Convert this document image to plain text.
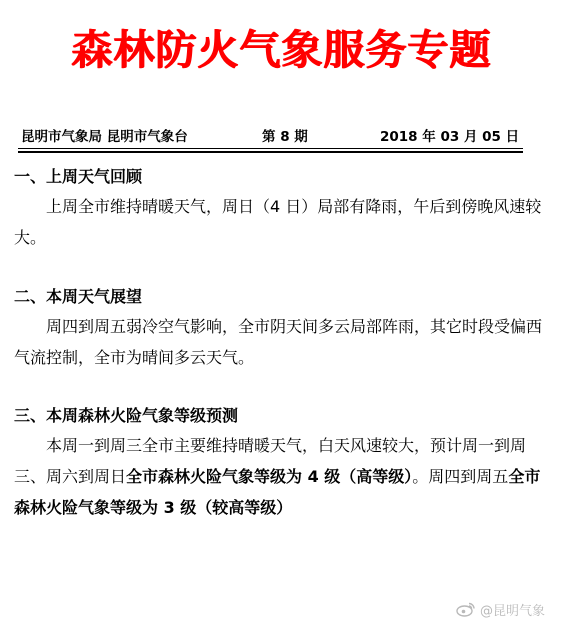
森林防火气象服务专题
昆明市气象局 昆明市气象台	第 8 期	2018 年 03 月 05 日
一、上周天气回顾
上周全市维持晴暖天气，周日（4 日）局部有降雨，午后到傍晚风速较大。
二、本周天气展望
周四到周五弱冷空气影响，全市阴天间多云局部阵雨，其它时段受偏西气流控制，全市为晴间多云天气。
三、本周森林火险气象等级预测
本周一到周三全市主要维持晴暖天气，白天风速较大，预计周一到周三、周六到周日全市森林火险气象等级为 4 级（高等级）。周四到周五全市森林火险气象等级为 3 级（较高等级）
@昆明气象
